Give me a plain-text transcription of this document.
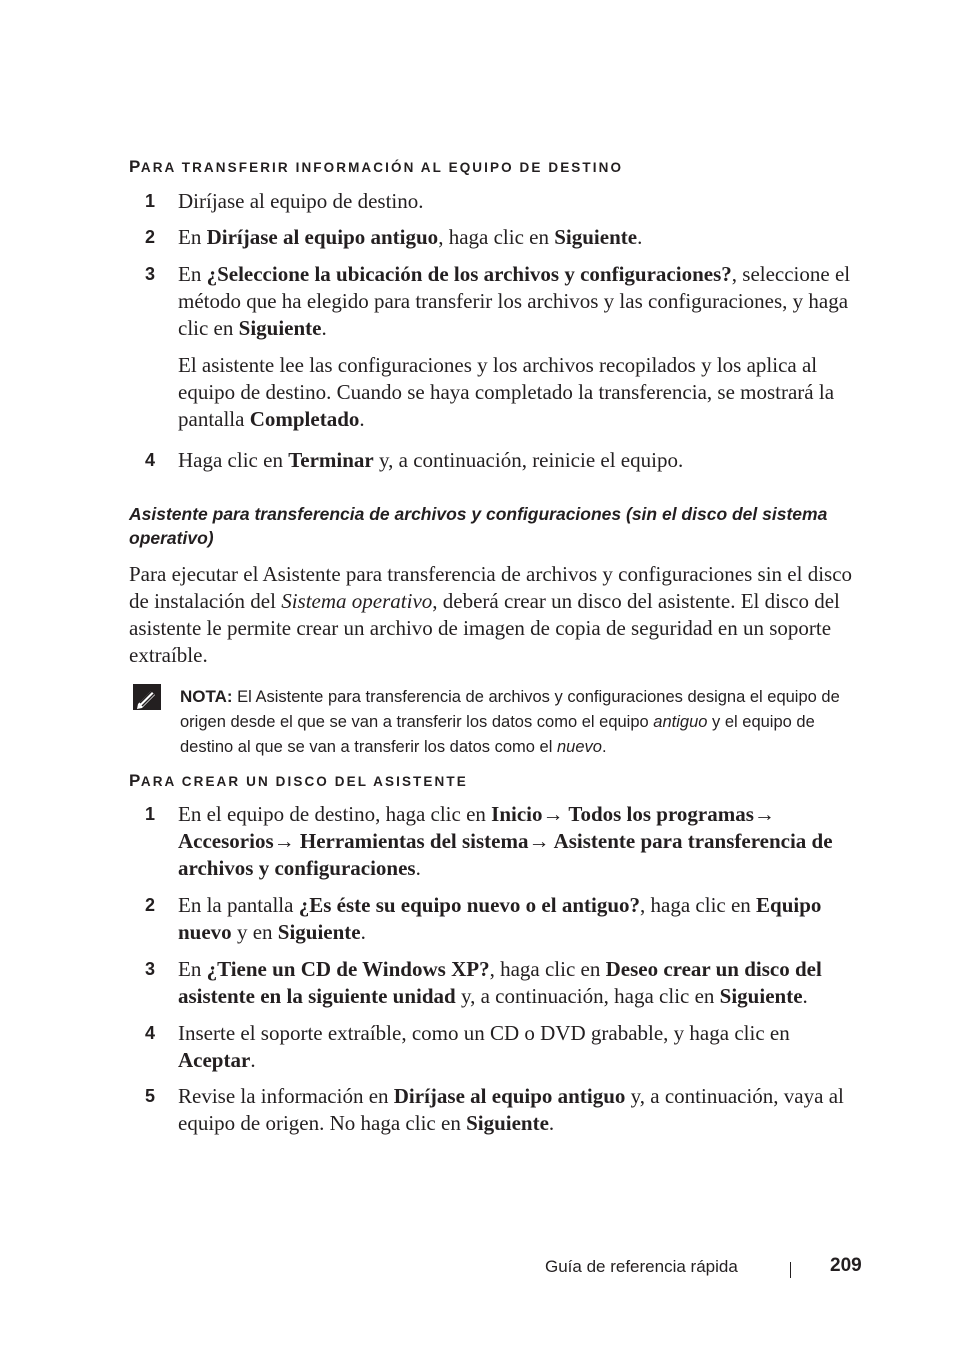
PARA TRANSFERIR INFORMACIÓN AL EQUIPO DE DESTINO
1 Diríjase al equipo de destino.
2 En Diríjase al equipo antiguo, haga clic en Siguiente.
3 En ¿Seleccione la ubicación de los archivos y configuraciones?, seleccione el método que ha elegido para transferir los archivos y las configuraciones, y haga clic en Siguiente.
El asistente lee las configuraciones y los archivos recopilados y los aplica al equipo de destino. Cuando se haya completado la transferencia, se mostrará la pantalla Completado.
4 Haga clic en Terminar y, a continuación, reinicie el equipo.
Asistente para transferencia de archivos y configuraciones (sin el disco del sistema operativo)
Para ejecutar el Asistente para transferencia de archivos y configuraciones sin el disco de instalación del Sistema operativo, deberá crear un disco del asistente. El disco del asistente le permite crear un archivo de imagen de copia de seguridad en un soporte extraíble.
NOTA: El Asistente para transferencia de archivos y configuraciones designa el equipo de origen desde el que se van a transferir los datos como el equipo antiguo y el equipo de destino al que se van a transferir los datos como el nuevo.
PARA CREAR UN DISCO DEL ASISTENTE
1 En el equipo de destino, haga clic en Inicio→ Todos los programas→ Accesorios→ Herramientas del sistema→ Asistente para transferencia de archivos y configuraciones.
2 En la pantalla ¿Es éste su equipo nuevo o el antiguo?, haga clic en Equipo nuevo y en Siguiente.
3 En ¿Tiene un CD de Windows XP?, haga clic en Deseo crear un disco del asistente en la siguiente unidad y, a continuación, haga clic en Siguiente.
4 Inserte el soporte extraíble, como un CD o DVD grabable, y haga clic en Aceptar.
5 Revise la información en Diríjase al equipo antiguo y, a continuación, vaya al equipo de origen. No haga clic en Siguiente.
Guía de referencia rápida	209
